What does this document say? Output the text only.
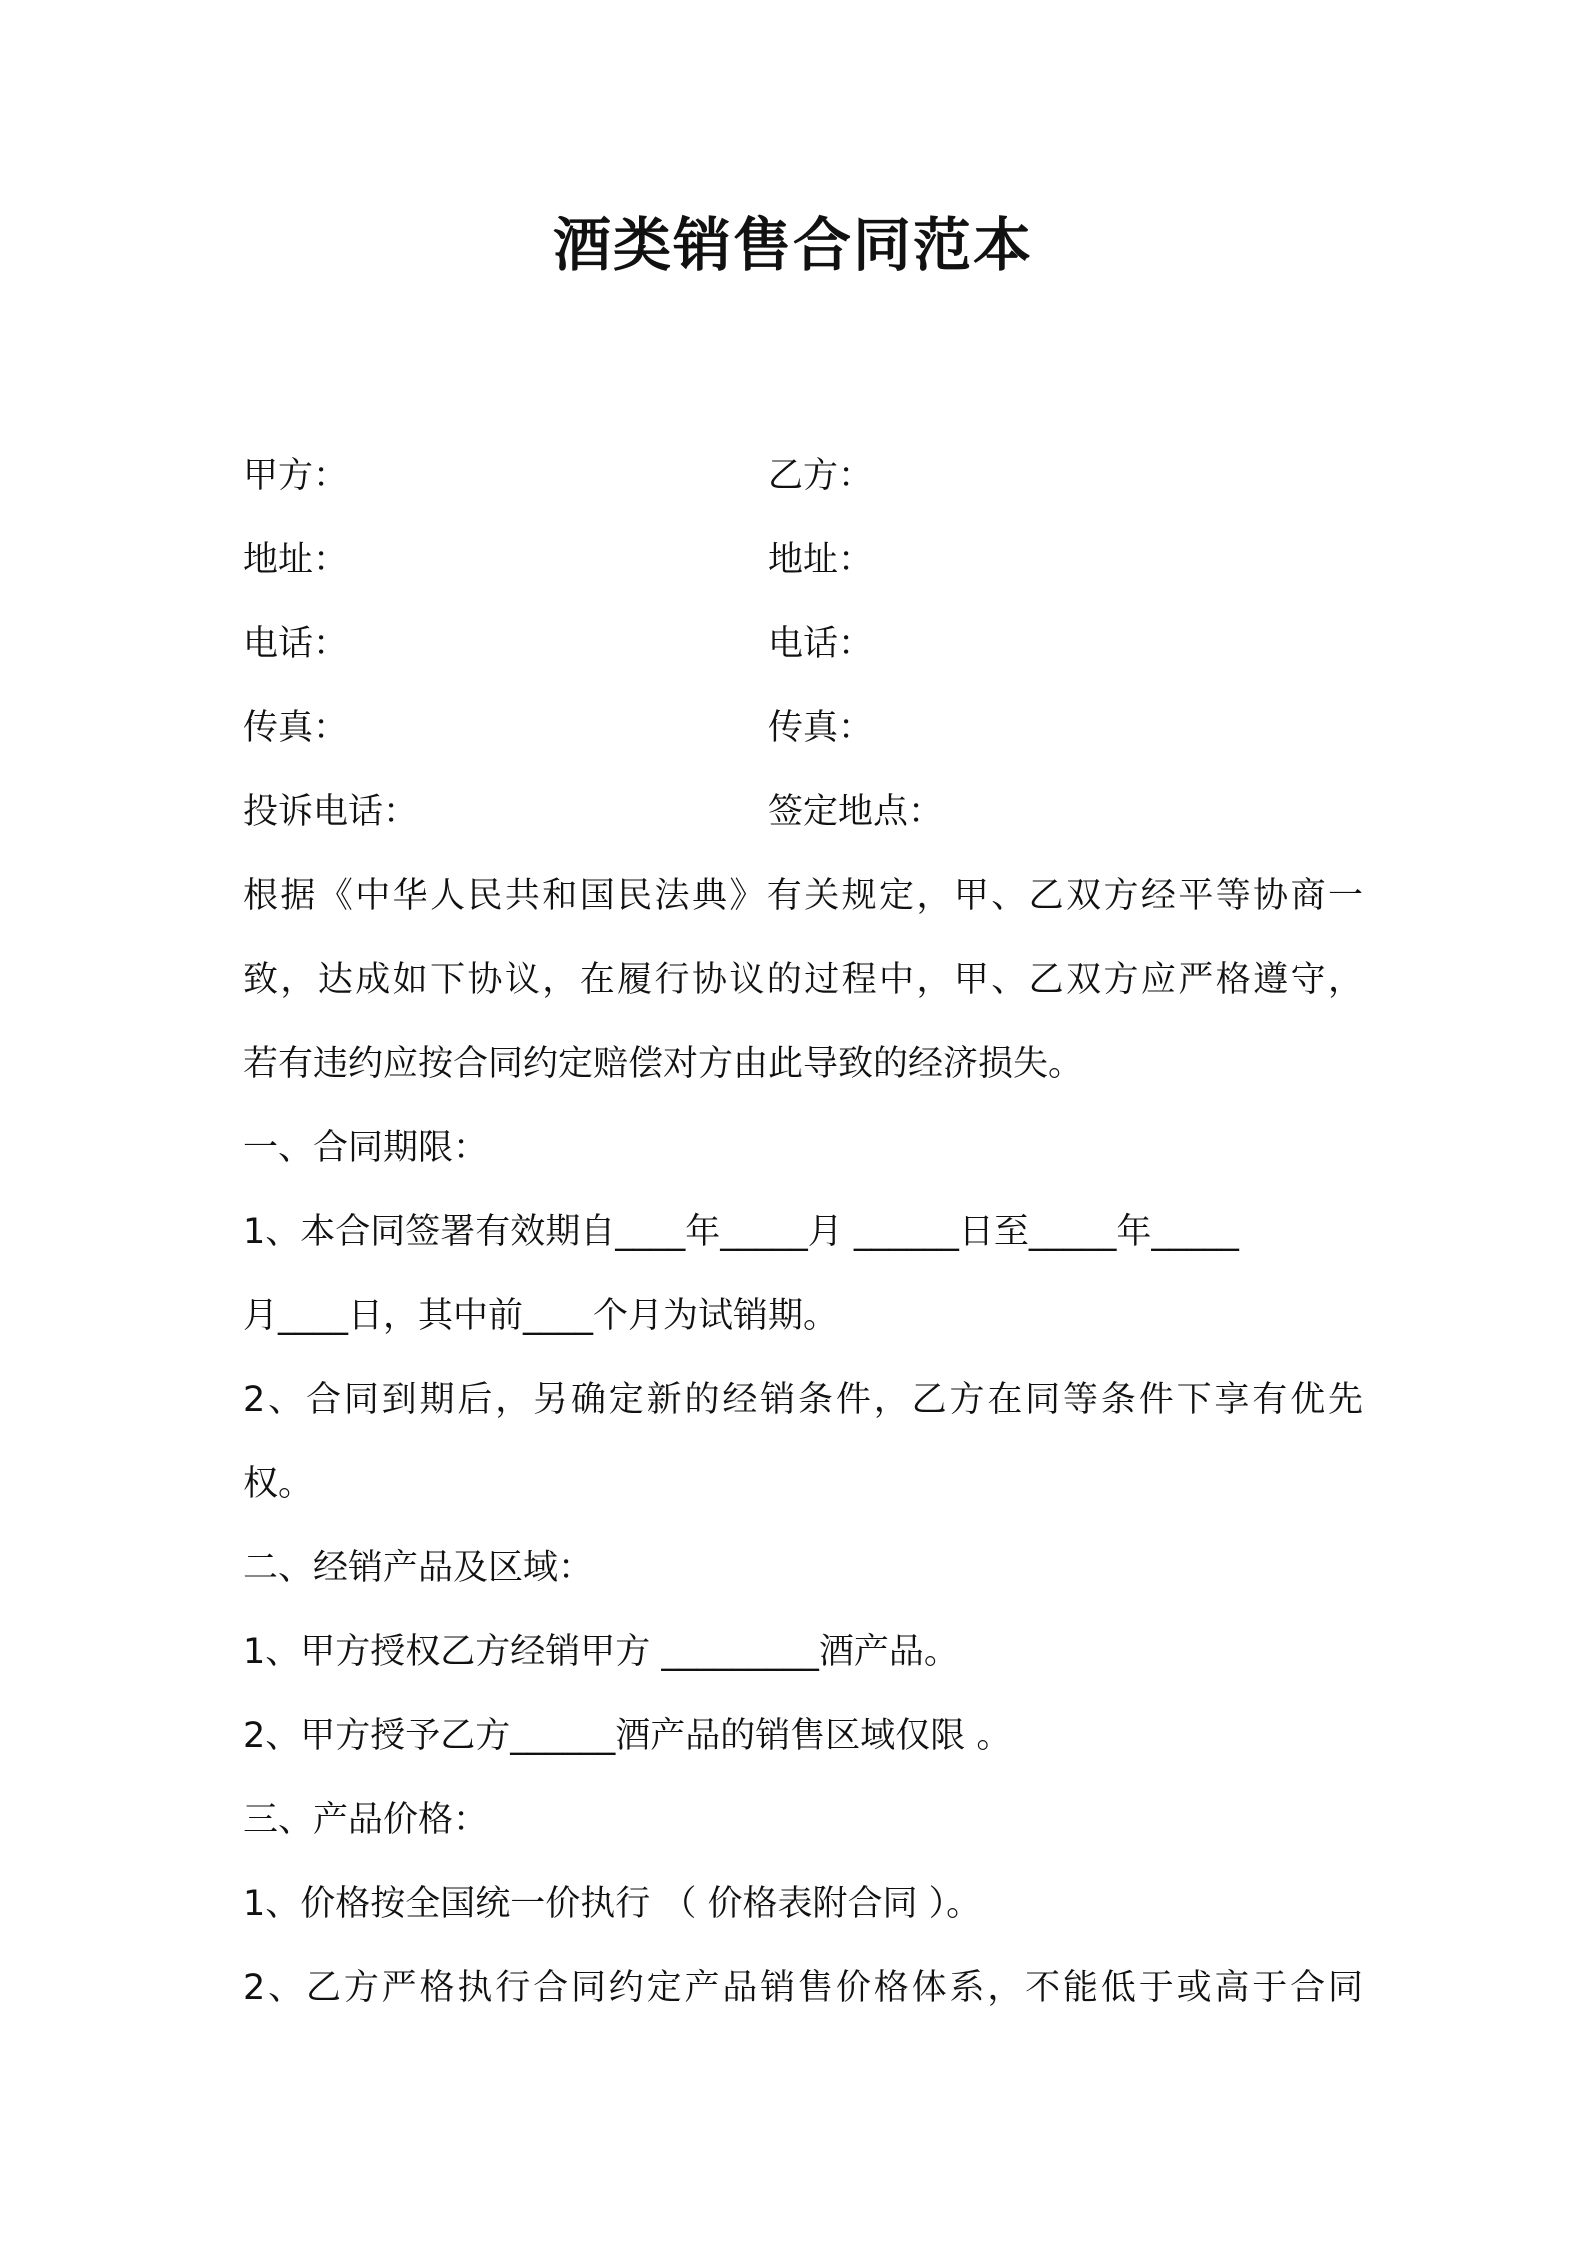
酒类销售合同范本
甲方：	乙方：
地址：	地址：
电话：	电话：
传真：	传真：
投诉电话：	签定地点：
根据《中华人民共和国民法典》有关规定，甲、乙双方经平等协商一
致，达成如下协议，在履行协议的过程中，甲、乙双方应严格遵守，
若有违约应按合同约定赔偿对方由此导致的经济损失。
一、合同期限：
1、本合同签署有效期自____年_____月 ______日至_____年_____
月____日，其中前____个月为试销期。
2、合同到期后，另确定新的经销条件，乙方在同等条件下享有优先
权。
二、经销产品及区域：
1、甲方授权乙方经销甲方 _________酒产品。
2、甲方授予乙方______酒产品的销售区域仅限 。
三、产品价格：
1、价格按全国统一价执行 （ 价格表附合同 ）。
2、乙方严格执行合同约定产品销售价格体系，不能低于或高于合同
